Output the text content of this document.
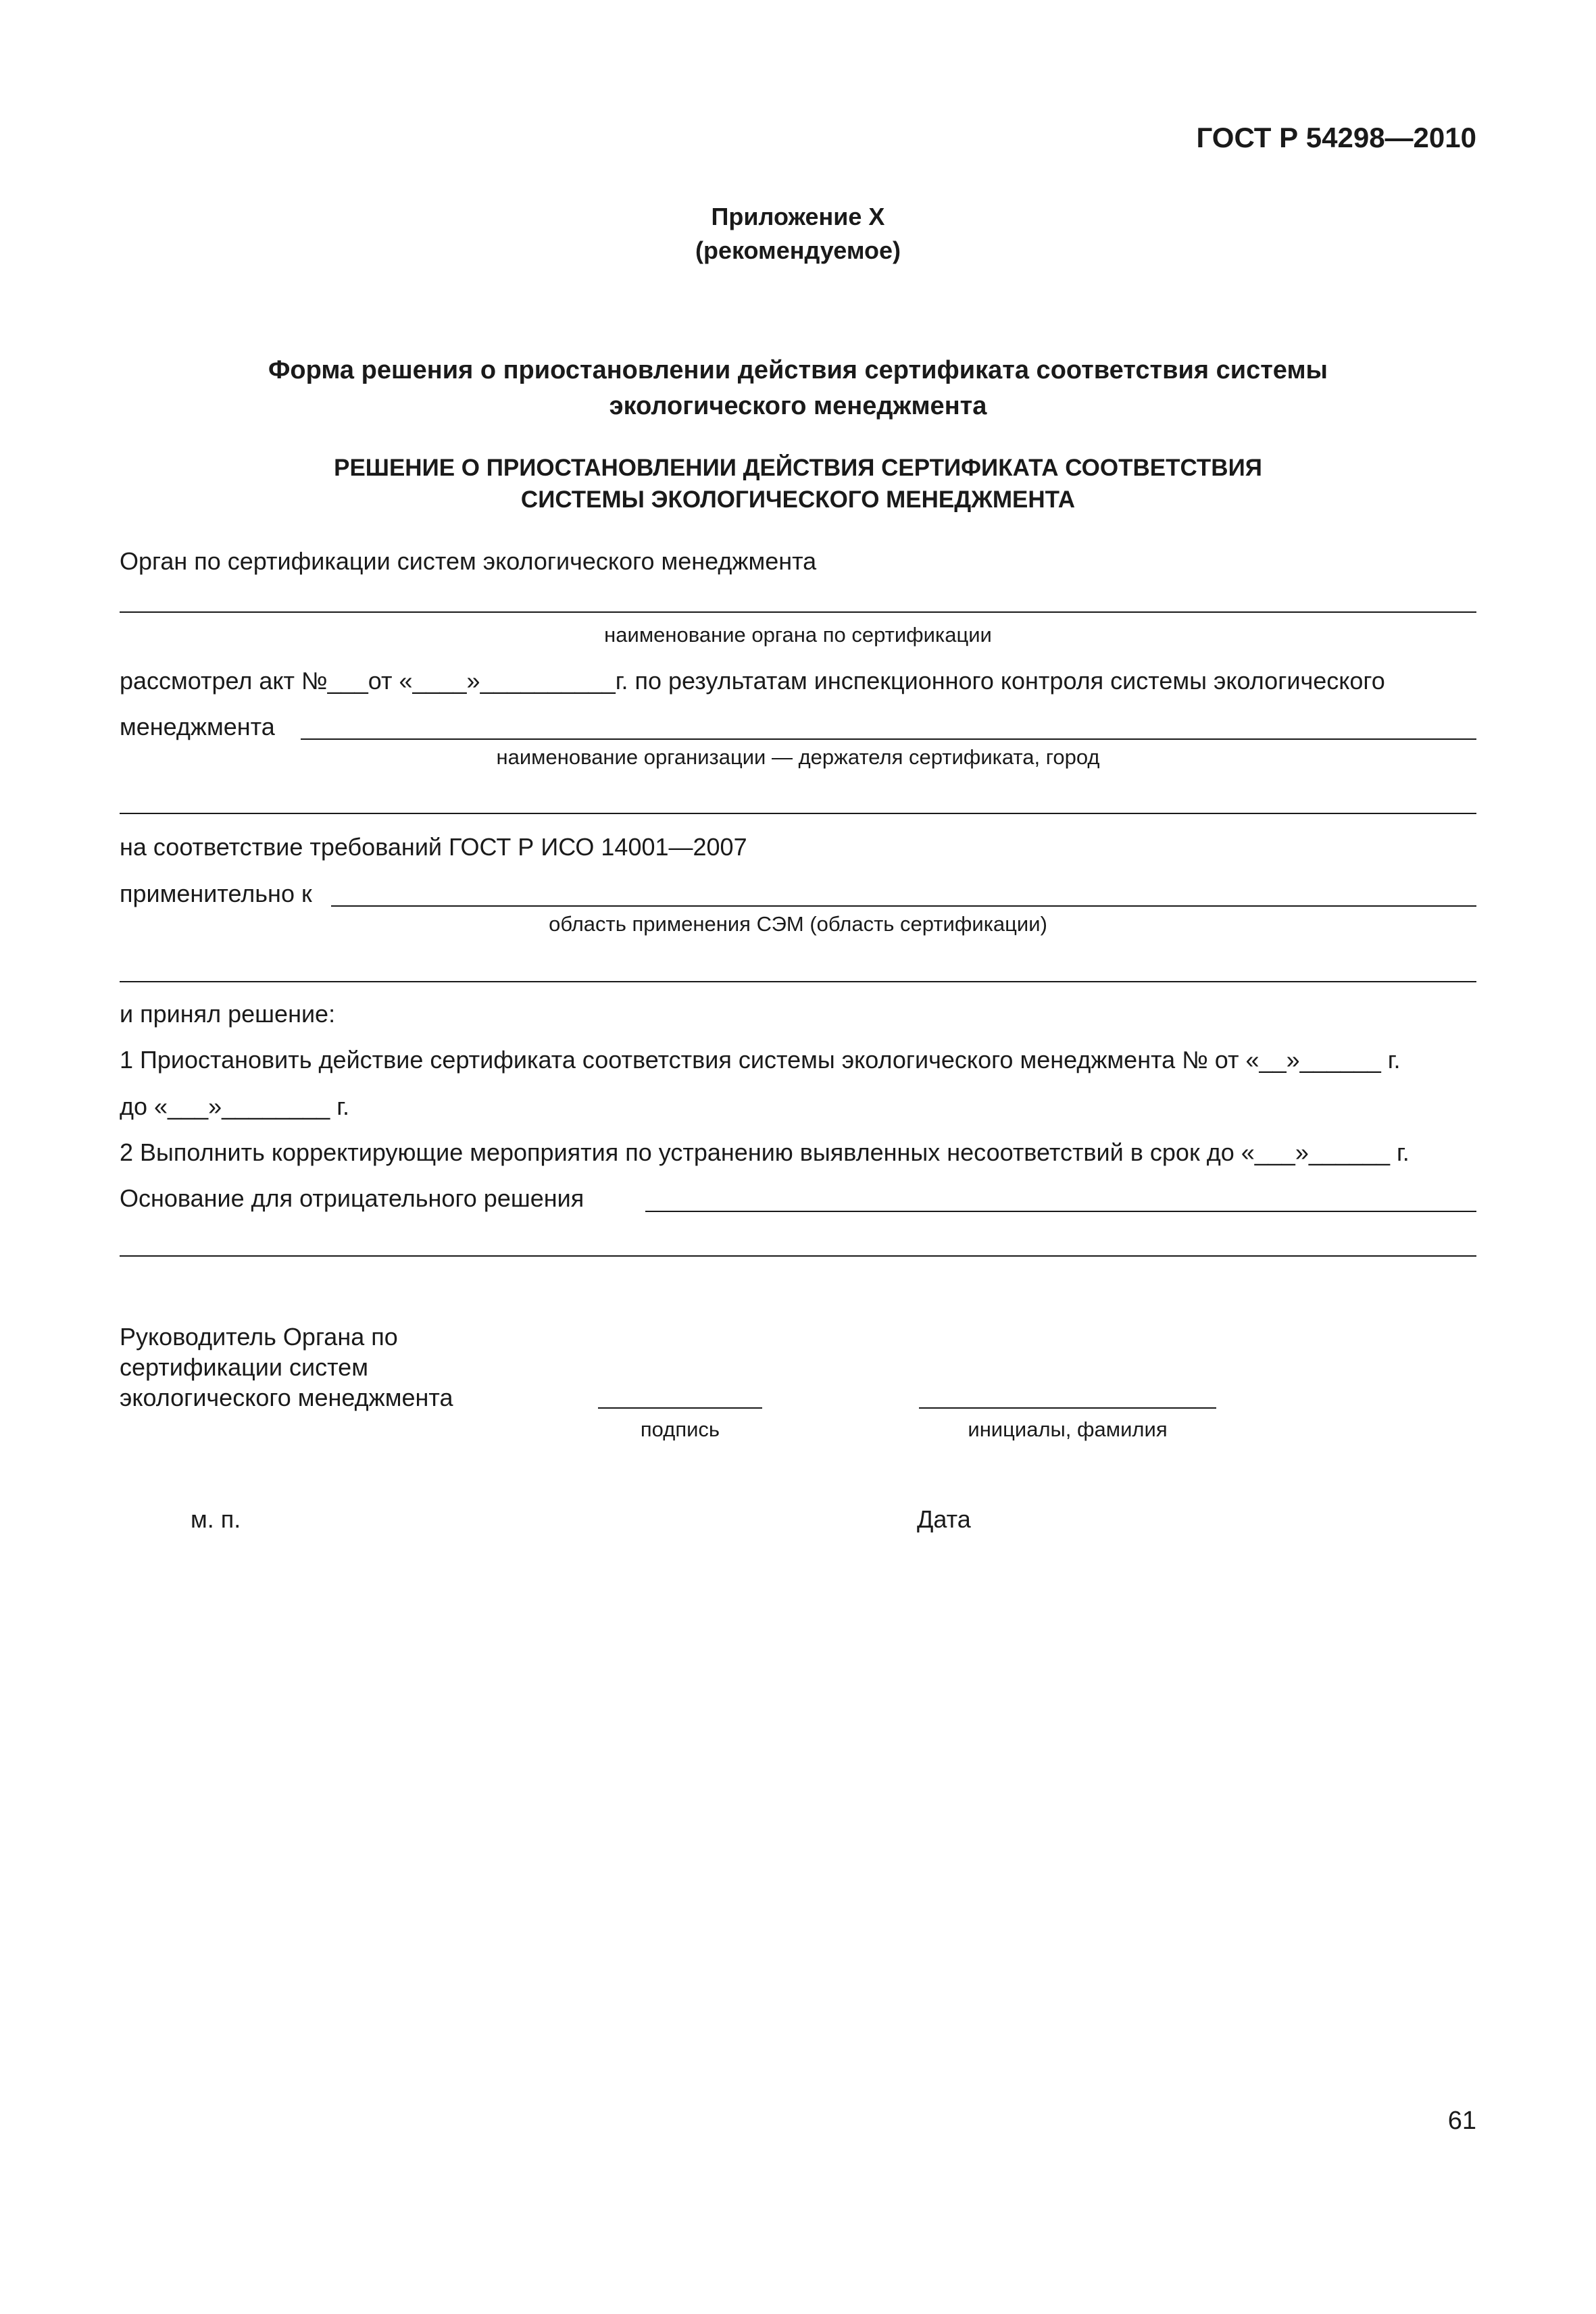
ГОСТ Р 54298—2010
Приложение Х
(рекомендуемое)
Форма решения о приостановлении действия сертификата соответствия системы
экологического менеджмента
РЕШЕНИЕ О ПРИОСТАНОВЛЕНИИ ДЕЙСТВИЯ СЕРТИФИКАТА СООТВЕТСТВИЯ
СИСТЕМЫ ЭКОЛОГИЧЕСКОГО МЕНЕДЖМЕНТА
Орган по сертификации систем экологического менеджмента
наименование органа по сертификации
рассмотрел акт №___от «____»__________г. по результатам инспекционного контроля системы экологического
менеджмента
наименование организации — держателя сертификата, город
на соответствие требований ГОСТ Р ИСО 14001—2007
применительно к
область применения СЭМ (область сертификации)
и принял решение:
1 Приостановить действие сертификата соответствия системы экологического менеджмента № от «__»______ г.
до «___»________ г.
2 Выполнить корректирующие мероприятия по устранению выявленных несоответствий в срок до «___»______ г.
Основание для отрицательного решения
Руководитель Органа по
сертификации систем
экологического менеджмента
подпись	инициалы, фамилия
м. п.	Дата
61
